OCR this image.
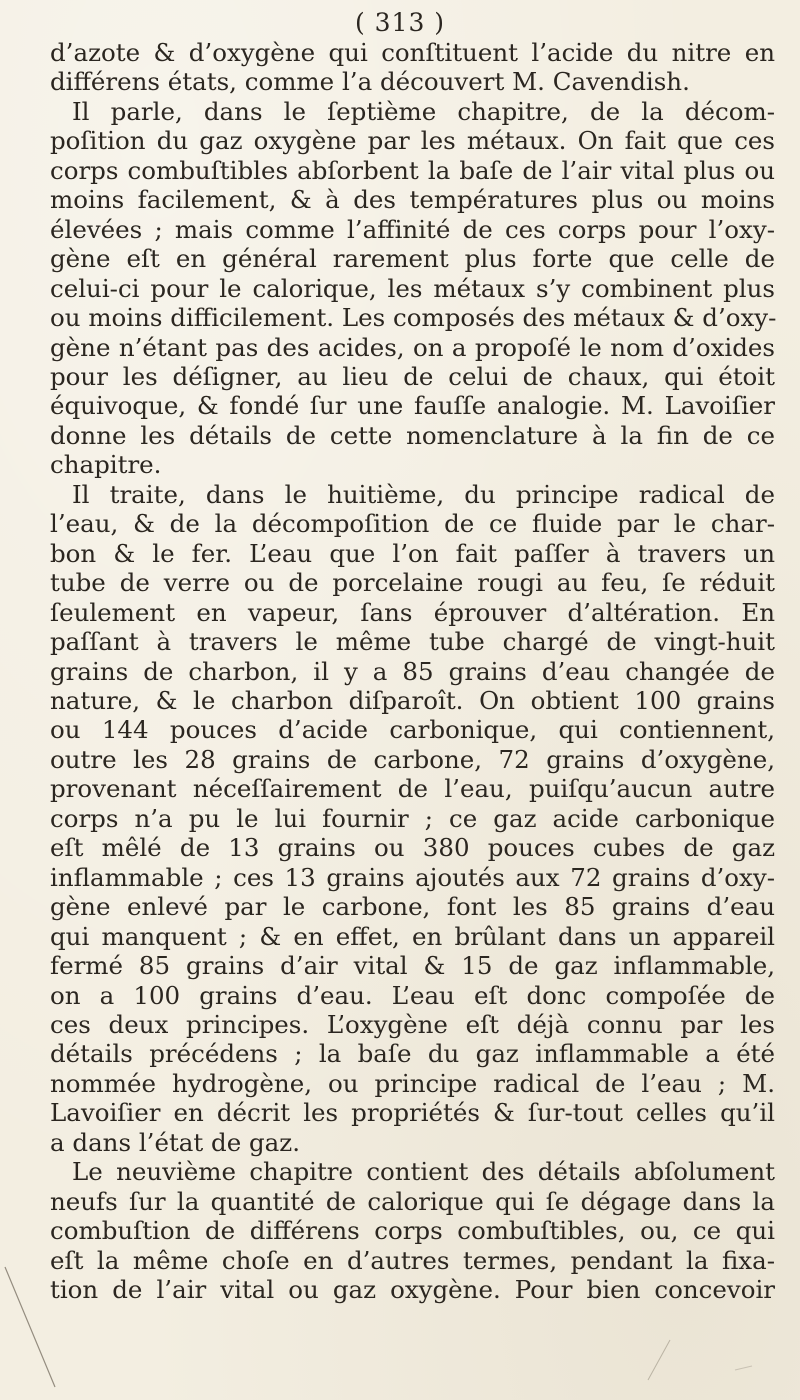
( 313 )

d’azote & d’oxygène qui conſtituent l’acide du nitre en
différens états, comme l’a découvert M. Cavendish.

Il parle, dans le ſeptième chapitre, de la décom-
poſition du gaz oxygène par les métaux. On fait que ces
corps combuſtibles abſorbent la baſe de l’air vital plus ou
moins facilement, & à des températures plus ou moins
élevées ; mais comme l’affinité de ces corps pour l’oxy-
gène eſt en général rarement plus forte que celle de
celui-ci pour le calorique, les métaux s’y combinent plus
ou moins difficilement. Les composés des métaux & d’oxy-
gène n’étant pas des acides, on a propoſé le nom d’oxides
pour les déſigner, au lieu de celui de chaux, qui étoit
équivoque, & fondé ſur une fauſſe analogie. M. Lavoiſier
donne les détails de cette nomenclature à la fin de ce
chapitre.

Il traite, dans le huitième, du principe radical de
l’eau, & de la décompoſition de ce fluide par le char-
bon & le fer. L’eau que l’on fait paſſer à travers un
tube de verre ou de porcelaine rougi au feu, ſe réduit
ſeulement en vapeur, ſans éprouver d’altération. En
paſſant à travers le même tube chargé de vingt-huit
grains de charbon, il y a 85 grains d’eau changée de
nature, & le charbon diſparoît. On obtient 100 grains
ou 144 pouces d’acide carbonique, qui contiennent,
outre les 28 grains de carbone, 72 grains d’oxygène,
provenant néceſſairement de l’eau, puiſqu’aucun autre
corps n’a pu le lui fournir ; ce gaz acide carbonique
eſt mêlé de 13 grains ou 380 pouces cubes de gaz
inflammable ; ces 13 grains ajoutés aux 72 grains d’oxy-
gène enlevé par le carbone, font les 85 grains d’eau
qui manquent ; & en effet, en brûlant dans un appareil
fermé 85 grains d’air vital & 15 de gaz inflammable,
on a 100 grains d’eau. L’eau eſt donc compoſée de
ces deux principes. L’oxygène eſt déjà connu par les
détails précédens ; la baſe du gaz inflammable a été
nommée hydrogène, ou principe radical de l’eau ; M.
Lavoiſier en décrit les propriétés & ſur-tout celles qu’il
a dans l’état de gaz.

Le neuvième chapitre contient des détails abſolument
neufs ſur la quantité de calorique qui ſe dégage dans la
combuſtion de différens corps combuſtibles, ou, ce qui
eſt la même choſe en d’autres termes, pendant la fixa-
tion de l’air vital ou gaz oxygène. Pour bien concevoir
